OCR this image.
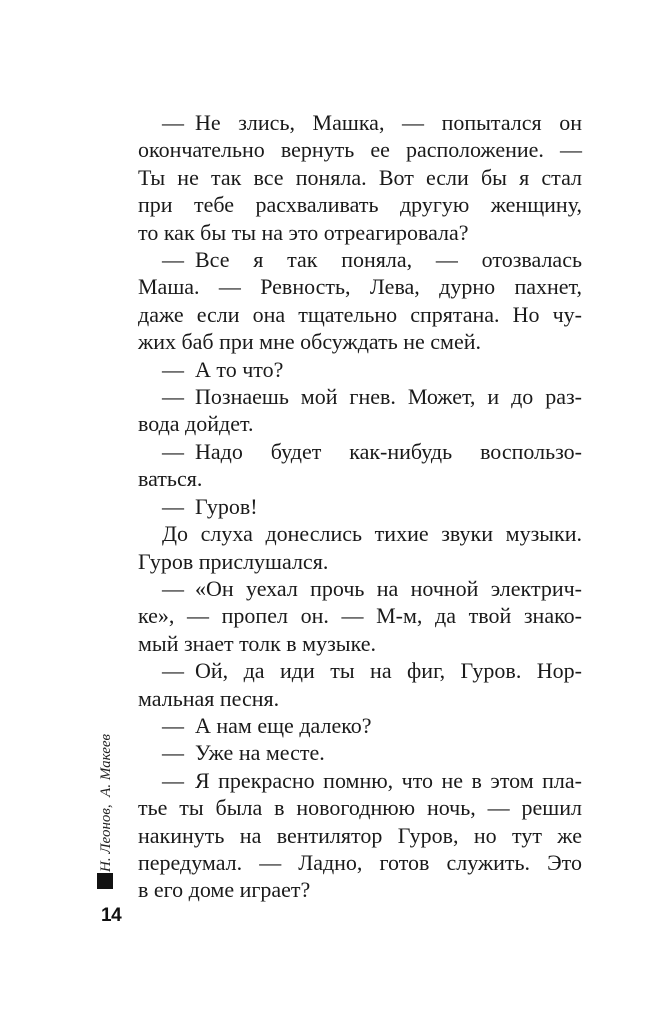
— Не злись, Машка, — попытался он

окончательно вернуть ее расположение. —

Ты не так все поняла. Вот если бы я стал

при тебе расхваливать другую женщину,

то как бы ты на это отреагировала?

— Все я так поняла, — отозвалась

Маша. — Ревность, Лева, дурно пахнет,

даже если она тщательно спрятана. Но чу-

жих баб при мне обсуждать не смей.

— А то что?

— Познаешь мой гнев. Может, и до раз-

вода дойдет.

— Надо будет как-нибудь воспользо-

ваться.

— Гуров!

До слуха донеслись тихие звуки музыки.

Гуров прислушался.

— «Он уехал прочь на ночной электрич-

ке», — пропел он. — М-м, да твой знако-

мый знает толк в музыке.

— Ой, да иди ты на фиг, Гуров. Нор-

мальная песня.

— А нам еще далеко?

— Уже на месте.

— Я прекрасно помню, что не в этом пла-

тье ты была в новогоднюю ночь, — решил

накинуть на вентилятор Гуров, но тут же

передумал. — Ладно, готов служить. Это

в его доме играет?

Н. Леонов, А. Макеев
14
